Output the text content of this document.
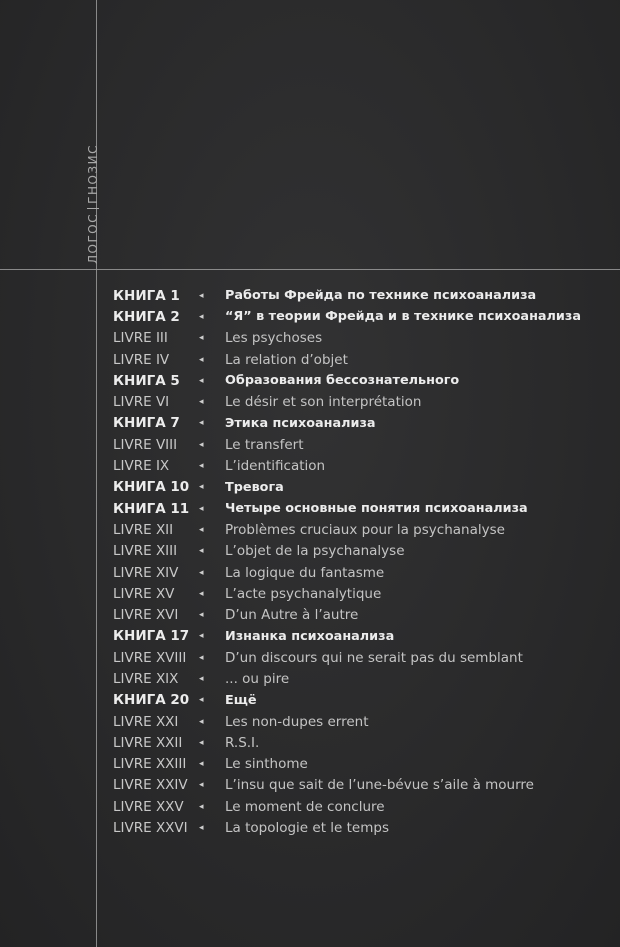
ЛОГОСГНОЗИС
КНИГА 1	◂	Работы Фрейда по технике психоанализа
КНИГА 2	◂	“Я” в теории Фрейда и в технике психоанализа
LIVRE III	◂	Les psychoses
LIVRE IV	◂	La relation d’objet
КНИГА 5	◂	Образования бессознательного
LIVRE VI	◂	Le désir et son interprétation
КНИГА 7	◂	Этика психоанализа
LIVRE VIII	◂	Le transfert
LIVRE IX	◂	L’identification
КНИГА 10	◂	Тревога
КНИГА 11	◂	Четыре основные понятия психоанализа
LIVRE XII	◂	Problèmes cruciaux pour la psychanalyse
LIVRE XIII	◂	L’objet de la psychanalyse
LIVRE XIV	◂	La logique du fantasme
LIVRE XV	◂	L’acte psychanalytique
LIVRE XVI	◂	D’un Autre à l’autre
КНИГА 17	◂	Изнанка психоанализа
LIVRE XVIII	◂	D’un discours qui ne serait pas du semblant
LIVRE XIX	◂	... ou pire
КНИГА 20	◂	Ещё
LIVRE XXI	◂	Les non-dupes errent
LIVRE XXII	◂	R.S.I.
LIVRE XXIII	◂	Le sinthome
LIVRE XXIV	◂	L’insu que sait de l’une-bévue s’aile à mourre
LIVRE XXV	◂	Le moment de conclure
LIVRE XXVI	◂	La topologie et le temps
